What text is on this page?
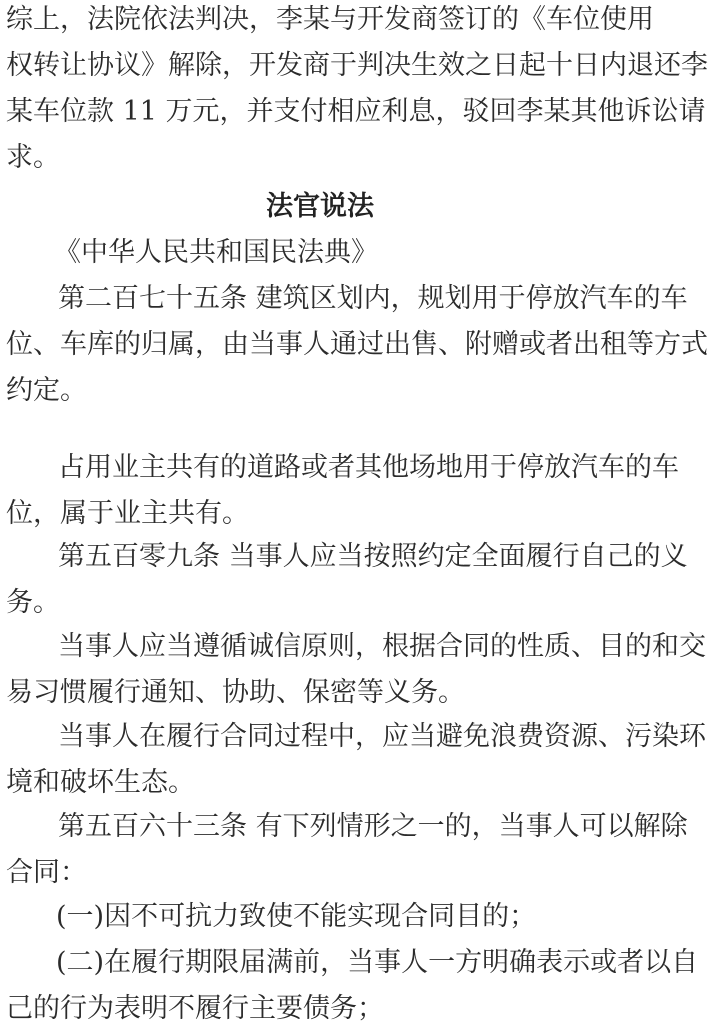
综上，法院依法判决，李某与开发商签订的《车位使用
权转让协议》解除，开发商于判决生效之日起十日内退还李
某车位款 11 万元，并支付相应利息，驳回李某其他诉讼请
求。
法官说法
《中华人民共和国民法典》
第二百七十五条 建筑区划内，规划用于停放汽车的车
位、车库的归属，由当事人通过出售、附赠或者出租等方式
约定。
占用业主共有的道路或者其他场地用于停放汽车的车
位，属于业主共有。
第五百零九条 当事人应当按照约定全面履行自己的义
务。
当事人应当遵循诚信原则，根据合同的性质、目的和交
易习惯履行通知、协助、保密等义务。
当事人在履行合同过程中，应当避免浪费资源、污染环
境和破坏生态。
第五百六十三条 有下列情形之一的，当事人可以解除
合同：
(一)因不可抗力致使不能实现合同目的；
(二)在履行期限届满前，当事人一方明确表示或者以自
己的行为表明不履行主要债务；
